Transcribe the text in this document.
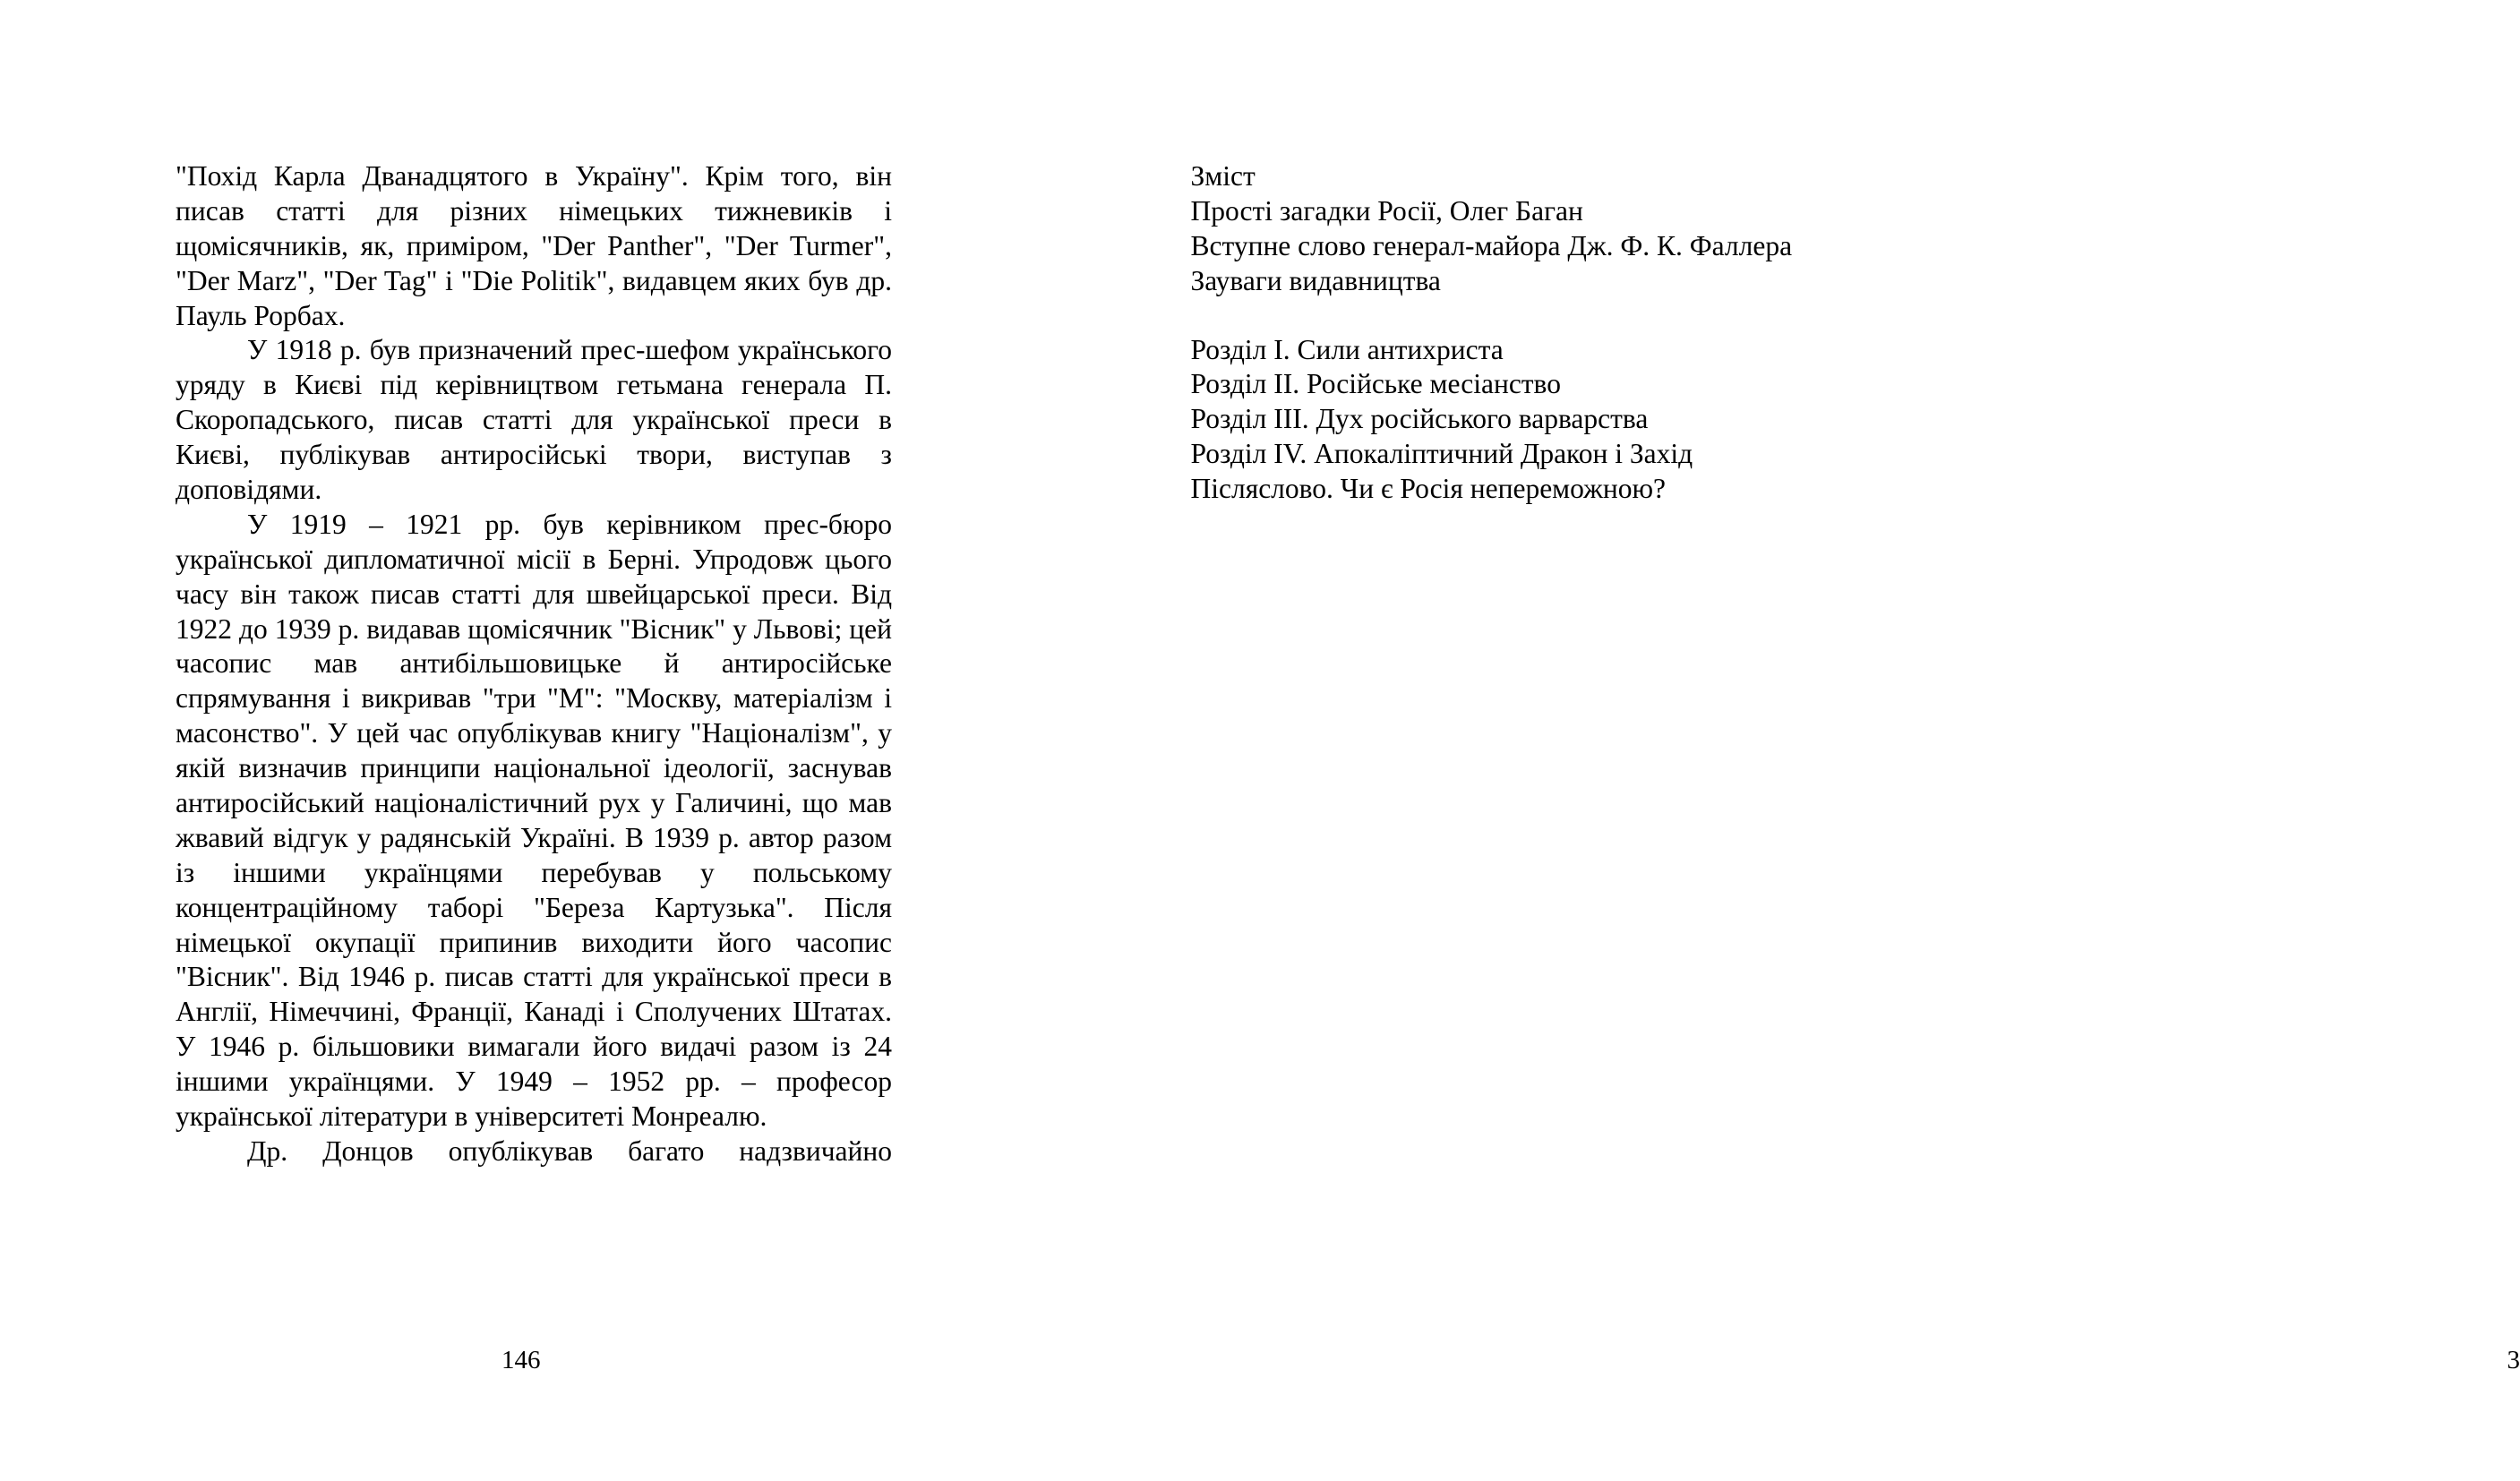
"Похід Карла Дванадцятого в Україну". Крім того, він писав статті для різних німецьких тижневиків і щомісячників, як, приміром, "Der Panther", "Der Turmer", "Der Marz", "Der Tag" і "Die Politik", видавцем яких був др. Пауль Рорбах.

У 1918 р. був призначений прес-шефом українського уряду в Києві під керівництвом гетьмана генерала П. Скоропадського, писав статті для української преси в Києві, публікував антиросійські твори, виступав з доповідями.

У 1919 – 1921 рр. був керівником прес-бюро української дипломатичної місії в Берні. Упродовж цього часу він також писав статті для швейцарської преси. Від 1922 до 1939 р. видавав щомісячник "Вісник" у Львові; цей часопис мав антибільшовицьке й антиросійське спрямування і викривав "три "М": "Москву, матеріалізм і масонство". У цей час опублікував книгу "Націоналізм", у якій визначив принципи національної ідеології, заснував антиросійський націоналістичний рух у Галичині, що мав жвавий відгук у радянській Україні. В 1939 р. автор разом із іншими українцями перебував у польському концентраційному таборі "Береза Картузька". Після німецької окупації припинив виходити його часопис "Вісник". Від 1946 р. писав статті для української преси в Англії, Німеччині, Франції, Канаді і Сполучених Штатах. У 1946 р. більшовики вимагали його видачі разом із 24 іншими українцями. У 1949 – 1952 рр. – професор української літератури в університеті Монреалю.

Др. Донцов опублікував багато надзвичайно

146

Зміст

Прості загадки Росії, Олег Баган

Вступне слово генерал-майора Дж. Ф. К. Фаллера

Зауваги видавництва

Розділ I. Сили антихриста

Розділ II. Російське месіанство

Розділ III. Дух російського варварства

Розділ IV. Апокаліптичний Дракон і Захід

Післяслово. Чи є Росія непереможною?

3
